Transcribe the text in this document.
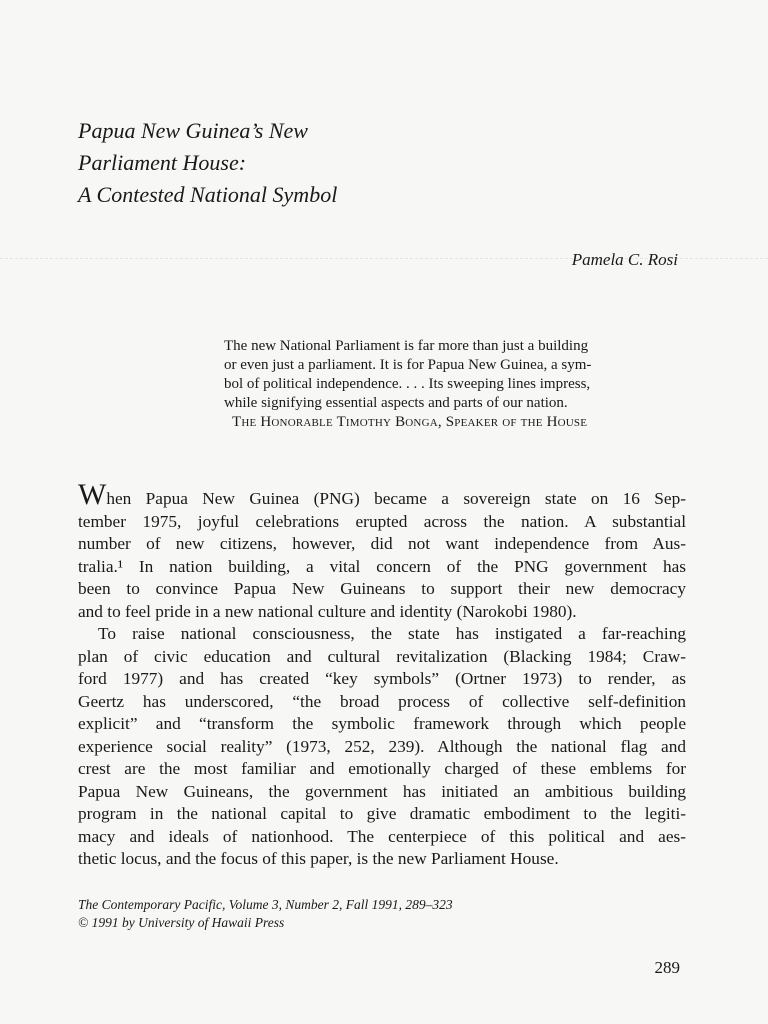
Papua New Guinea’s New
Parliament House:
A Contested National Symbol
Pamela C. Rosi
The new National Parliament is far more than just a building
or even just a parliament. It is for Papua New Guinea, a sym-
bol of political independence. . . . Its sweeping lines impress,
while signifying essential aspects and parts of our nation.
The Honorable Timothy Bonga, Speaker of the House
When Papua New Guinea (PNG) became a sovereign state on 16 Sep-
tember 1975, joyful celebrations erupted across the nation. A substantial
number of new citizens, however, did not want independence from Aus-
tralia.¹ In nation building, a vital concern of the PNG government has
been to convince Papua New Guineans to support their new democracy
and to feel pride in a new national culture and identity (Narokobi 1980).
To raise national consciousness, the state has instigated a far-reaching
plan of civic education and cultural revitalization (Blacking 1984; Craw-
ford 1977) and has created “key symbols” (Ortner 1973) to render, as
Geertz has underscored, “the broad process of collective self-definition
explicit” and “transform the symbolic framework through which people
experience social reality” (1973, 252, 239). Although the national flag and
crest are the most familiar and emotionally charged of these emblems for
Papua New Guineans, the government has initiated an ambitious building
program in the national capital to give dramatic embodiment to the legiti-
macy and ideals of nationhood. The centerpiece of this political and aes-
thetic locus, and the focus of this paper, is the new Parliament House.
The Contemporary Pacific, Volume 3, Number 2, Fall 1991, 289–323
© 1991 by University of Hawaii Press
289
